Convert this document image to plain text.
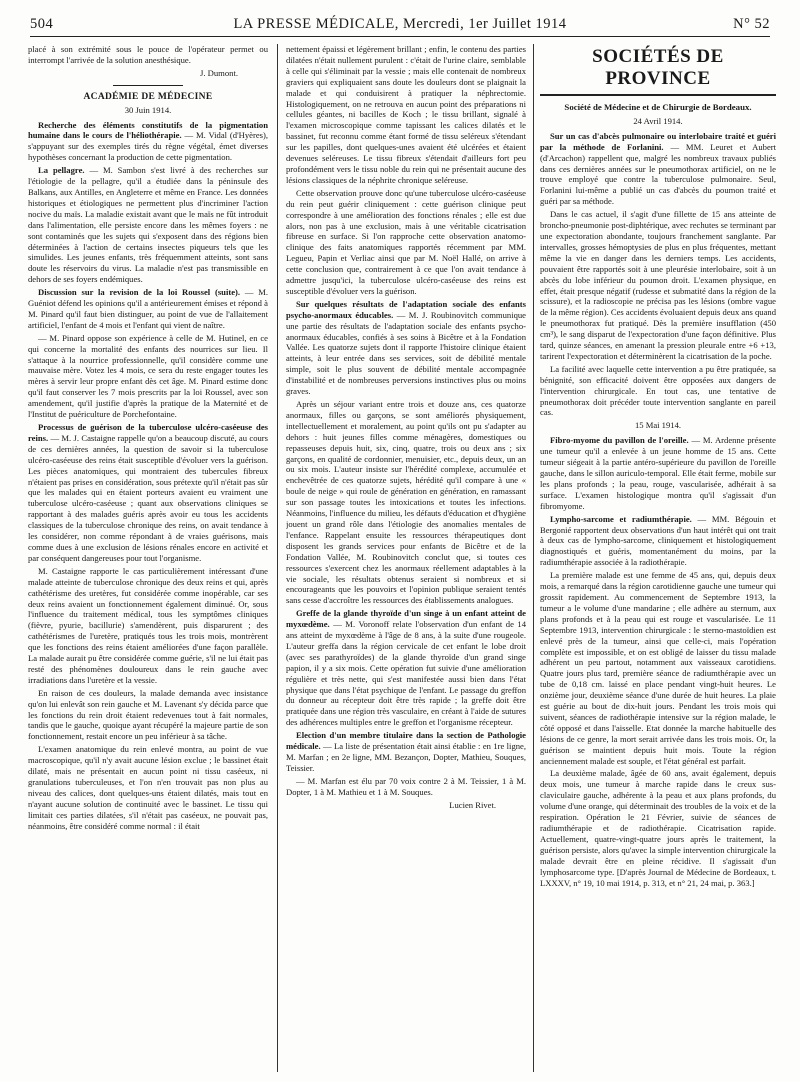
504	LA PRESSE MÉDICALE, Mercredi, 1er Juillet 1914	N° 52

placé à son extrémité sous le pouce de l'opérateur permet ou interrompt l'arrivée de la solution anesthésique.

J. Dumont.

ACADÉMIE DE MÉDECINE
30 Juin 1914.

Recherche des éléments constitutifs de la pigmentation humaine dans le cours de l'héliothérapie. — M. Vidal (d'Hyères), s'appuyant sur des exemples tirés du règne végétal, émet diverses hypothèses concernant la production de cette pigmentation.

La pellagre. — M. Sambon s'est livré à des recherches sur l'étiologie de la pellagre, qu'il a étudiée dans la péninsule des Balkans, aux Antilles, en Angleterre et même en France. Les données historiques et étiologiques ne permettent plus d'incriminer l'action nocive du maïs. La maladie existait avant que le maïs ne fût introduit dans l'alimentation, elle persiste encore dans les mêmes foyers : ne sont contaminés que les sujets qui s'exposent dans des régions bien déterminées à l'action de certains insectes piqueurs tels que les simulides. Les jeunes enfants, très fréquemment atteints, sont sans doute les réservoirs du virus. La maladie n'est pas transmissible en dehors de ses foyers endémiques.

Discussion sur la revision de la loi Roussel (suite). — M. Guéniot défend les opinions qu'il a antérieurement émises et répond à M. Pinard qu'il faut bien distinguer, au point de vue de l'allaitement artificiel, l'enfant de 4 mois et l'enfant qui vient de naître.

— M. Pinard oppose son expérience à celle de M. Hutinel, en ce qui concerne la mortalité des enfants des nourrices sur lieu. Il s'attaque à la nourrice professionnelle, qu'il considère comme une mauvaise mère. Votez les 4 mois, ce sera du reste engager toutes les mères à servir leur propre enfant dès cet âge. M. Pinard estime donc qu'il faut conserver les 7 mois prescrits par la loi Roussel, avec son amendement, qu'il justifie d'après la pratique de la Maternité et de l'Institut de puériculture de Porchefontaine.

Processus de guérison de la tuberculose ulcéro-caséeuse des reins. — M. J. Castaigne rappelle qu'on a beaucoup discuté, au cours de ces dernières années, la question de savoir si la tuberculose ulcéro-caséeuse des reins était susceptible d'évoluer vers la guérison. Les pièces anatomiques, qui montraient des tubercules fibreux n'étaient pas prises en considération, sous prétexte qu'il n'était pas sûr que les malades qui en étaient porteurs avaient eu vraiment une tuberculose ulcéro-caséeuse ; quant aux observations cliniques se rapportant à des malades guéris après avoir eu tous les accidents classiques de la tuberculose chronique des reins, on avait tendance à les considérer, non comme répondant à de vraies guérisons, mais comme dues à une exclusion de lésions rénales encore en activité et par conséquent dangereuses pour tout l'organisme.

M. Castaigne rapporte le cas particulièrement intéressant d'une malade atteinte de tuberculose chronique des deux reins et qui, après cathétérisme des uretères, fut considérée comme inopérable, car ses deux reins avaient un fonctionnement également diminué. Or, sous l'influence du traitement médical, tous les symptômes cliniques (fièvre, pyurie, bacillurie) s'amendèrent, puis disparurent ; des cathétérismes de l'uretère, pratiqués tous les trois mois, montrèrent que les fonctions des reins étaient améliorées d'une façon parallèle. La malade aurait pu être considérée comme guérie, s'il ne lui était pas resté des phénomènes douloureux dans le rein gauche avec irradiations dans l'uretère et la vessie.

En raison de ces douleurs, la malade demanda avec insistance qu'on lui enlevât son rein gauche et M. Lavenant s'y décida parce que les fonctions du rein droit étaient redevenues tout à fait normales, tandis que le gauche, quoique ayant récupéré la majeure partie de son fonctionnement, restait encore un peu inférieur à sa tâche.

L'examen anatomique du rein enlevé montra, au point de vue macroscopique, qu'il n'y avait aucune lésion exclue ; le bassinet était dilaté, mais ne présentait en aucun point ni tissu caséeux, ni granulations tuberculeuses, et l'on n'en trouvait pas non plus au niveau des calices, dont quelques-uns étaient dilatés, mais tout en n'ayant aucune solution de continuité avec le bassinet. Le tissu qui limitait ces parties dilatées, s'il n'était pas caséeux, ne pouvait pas, néanmoins, être considéré comme normal : il était

nettement épaissi et légèrement brillant ; enfin, le contenu des parties dilatées n'était nullement purulent : c'était de l'urine claire, semblable à celle qui s'éliminait par la vessie ; mais elle contenait de nombreux graviers qui expliquaient sans doute les douleurs dont se plaignait la malade et qui conduisirent à pratiquer la néphrectomie. Histologiquement, on ne retrouva en aucun point des préparations ni cellules géantes, ni bacilles de Koch ; le tissu brillant, signalé à l'examen microscopique comme tapissant les calices dilatés et le bassinet, fut reconnu comme étant formé de tissu seléreux s'étendant sur les papilles, dont quelques-unes avaient été ulcérées et étaient devenues seléreuses. Le tissu fibreux s'étendait d'ailleurs fort peu profondément vers le tissu noble du rein qui ne présentait aucune des lésions classiques de la néphrite chronique seléreuse.

Cette observation prouve donc qu'une tuberculose ulcéro-caséeuse du rein peut guérir cliniquement : cette guérison clinique peut correspondre à une amélioration des fonctions rénales ; elle est due alors, non pas à une exclusion, mais à une véritable cicatrisation fibreuse en surface. Si l'on rapproche cette observation anatomo-clinique des faits anatomiques rapportés récemment par MM. Legueu, Papin et Verliac ainsi que par M. Noël Hallé, on arrive à cette conclusion que, contrairement à ce que l'on avait tendance à admettre jusqu'ici, la tuberculose ulcéro-caséeuse des reins est susceptible d'évoluer vers la guérison.

Sur quelques résultats de l'adaptation sociale des enfants psycho-anormaux éducables. — M. J. Roubinovitch communique une partie des résultats de l'adaptation sociale des enfants psycho-anormaux éducables, confiés à ses soins à Bicêtre et à la Fondation Vallée. Les quatorze sujets dont il rapporte l'histoire clinique étaient atteints, à leur entrée dans ses services, soit de débilité mentale simple, soit le plus souvent de débilité mentale accompagnée d'instabilité et de nombreuses perversions instinctives plus ou moins graves.

Après un séjour variant entre trois et douze ans, ces quatorze anormaux, filles ou garçons, se sont améliorés physiquement, intellectuellement et moralement, au point qu'ils ont pu s'adapter au dehors : huit jeunes filles comme ménagères, domestiques ou repasseuses depuis huit, six, cinq, quatre, trois ou deux ans ; six garçons, en qualité de cordonnier, menuisier, etc., depuis deux, un an ou six mois. L'auteur insiste sur l'hérédité complexe, accumulée et enchevêtrée de ces quatorze sujets, hérédité qu'il compare à une « boule de neige » qui roule de génération en génération, en ramassant sur son passage toutes les intoxications et toutes les infections. Néanmoins, l'influence du milieu, les défauts d'éducation et d'hygiène jouent un grand rôle dans l'étiologie des anomalies mentales de l'enfance. Rappelant ensuite les ressources thérapeutiques dont disposent les grands services pour enfants de Bicêtre et de la Fondation Vallée, M. Roubinovitch conclut que, si toutes ces ressources s'exercent chez les anormaux réellement adaptables à la vie sociale, les résultats obtenus seraient si nombreux et si encourageants que les pouvoirs et l'opinion publique seraient tentés sans cesse d'accroître les ressources des établissements analogues.

Greffe de la glande thyroïde d'un singe à un enfant atteint de myxœdème. — M. Voronoff relate l'observation d'un enfant de 14 ans atteint de myxœdème à l'âge de 8 ans, à la suite d'une rougeole. L'auteur greffa dans la région cervicale de cet enfant le lobe droit (avec ses parathyroïdes) de la glande thyroïde d'un grand singe papion, il y a six mois. Cette opération fut suivie d'une amélioration régulière et très nette, qui s'est manifestée aussi bien dans l'état physique que dans l'état psychique de l'enfant. Le passage du greffon du donneur au récepteur doit être très rapide ; la greffe doit être pratiquée dans une région très vasculaire, en créant à l'aide de sutures des adhérences multiples entre le greffon et l'organisme récepteur.

Election d'un membre titulaire dans la section de Pathologie médicale. — La liste de présentation était ainsi établie : en 1re ligne, M. Marfan ; en 2e ligne, MM. Bezançon, Dopter, Mathieu, Souques, Teissier.

— M. Marfan est élu par 70 voix contre 2 à M. Teissier, 1 à M. Dopter, 1 à M. Mathieu et 1 à M. Souques.

Lucien Rivet.

SOCIÉTÉS DE PROVINCE
Société de Médecine et de Chirurgie de Bordeaux.
24 Avril 1914.

Sur un cas d'abcès pulmonaire ou interlobaire traité et guéri par la méthode de Forlanini. — MM. Leuret et Aubert (d'Arcachon) rappellent que, malgré les nombreux travaux publiés dans ces dernières années sur le pneumothorax artificiel, on ne le trouve employé que contre la tuberculose pulmonaire. Seul, Forlanini lui-même a publié un cas d'abcès du poumon traité et guéri par sa méthode.

Dans le cas actuel, il s'agit d'une fillette de 15 ans atteinte de broncho-pneumonie post-diphtérique, avec rechutes se terminant par une expectoration abondante, toujours franchement sanglante. Par intervalles, grosses hémoptysies de plus en plus fréquentes, mettant même la vie en danger dans les derniers temps. Les accidents, pouvaient être rapportés soit à une pleurésie interlobaire, soit à un abcès du lobe inférieur du poumon droit. L'examen physique, en effet, était presque négatif (rudesse et submatité dans la région de la scissure), et la radioscopie ne précisa pas les lésions (ombre vague de la même région). Ces accidents évoluaient depuis deux ans quand le pneumothorax fut pratiqué. Dès la première insufflation (450 cm³), le sang disparut de l'expectoration d'une façon définitive. Plus tard, quinze séances, en amenant la pression pleurale entre +6 +13, tarirent l'expectoration et déterminèrent la cicatrisation de la poche.

La facilité avec laquelle cette intervention a pu être pratiquée, sa bénignité, son efficacité doivent être opposées aux dangers de l'intervention chirurgicale. En tout cas, une tentative de pneumothorax doit précéder toute intervention sanglante en pareil cas.

15 Mai 1914.

Fibro-myome du pavillon de l'oreille. — M. Ardenne présente une tumeur qu'il a enlevée à un jeune homme de 15 ans. Cette tumeur siégeait à la partie antéro-supérieure du pavillon de l'oreille gauche, dans le sillon auriculo-temporal. Elle était ferme, mobile sur les plans profonds ; la peau, rouge, vascularisée, adhérait à sa surface. L'examen histologique montra qu'il s'agissait d'un fibromyome.

Lympho-sarcome et radiumthérapie. — MM. Bégouin et Bergonié rapportent deux observations d'un haut intérêt qui ont trait à deux cas de lympho-sarcome, cliniquement et histologiquement diagnostiqués et guéris, momentanément du moins, par la radiumthérapie associée à la radiothérapie.

La première malade est une femme de 45 ans, qui, depuis deux mois, a remarqué dans la région carotidienne gauche une tumeur qui grossit rapidement. Au commencement de Septembre 1913, la tumeur a le volume d'une mandarine ; elle adhère au sternum, aux plans profonds et à la peau qui est rouge et vascularisée. Le 11 Septembre 1913, intervention chirurgicale : le sterno-mastoïdien est enlevé près de la tumeur, ainsi que celle-ci, mais l'opération complète est impossible, et on est obligé de laisser du tissu malade adhérent un peu partout, notamment aux vaisseaux carotidiens. Quatre jours plus tard, première séance de radiumthérapie avec un tube de 0,18 cm. laissé en place pendant vingt-huit heures. Le onzième jour, deuxième séance d'une durée de huit heures. La plaie est guérie au bout de dix-huit jours. Pendant les trois mois qui suivent, séances de radiothérapie intensive sur la région malade, le côté opposé et dans l'aisselle. Etat donnée la marche habituelle des lésions de ce genre, la mort serait arrivée dans les trois mois. Or, la guérison se maintient depuis huit mois. Toute la région anciennement malade est souple, et l'état général est parfait.

La deuxième malade, âgée de 60 ans, avait également, depuis deux mois, une tumeur à marche rapide dans le creux sus-claviculaire gauche, adhérente à la peau et aux plans profonds, du volume d'une orange, qui déterminait des troubles de la voix et de la respiration. Opération le 21 Février, suivie de séances de radiumthérapie et de radiothérapie. Cicatrisation rapide. Actuellement, quatre-vingt-quatre jours après le traitement, la guérison persiste, alors qu'avec la simple intervention chirurgicale la malade devrait être en pleine récidive. Il s'agissait d'un lymphosarcome type. [D'après Journal de Médecine de Bordeaux, t. LXXXV, n° 19, 10 mai 1914, p. 313, et n° 21, 24 mai, p. 363.]
